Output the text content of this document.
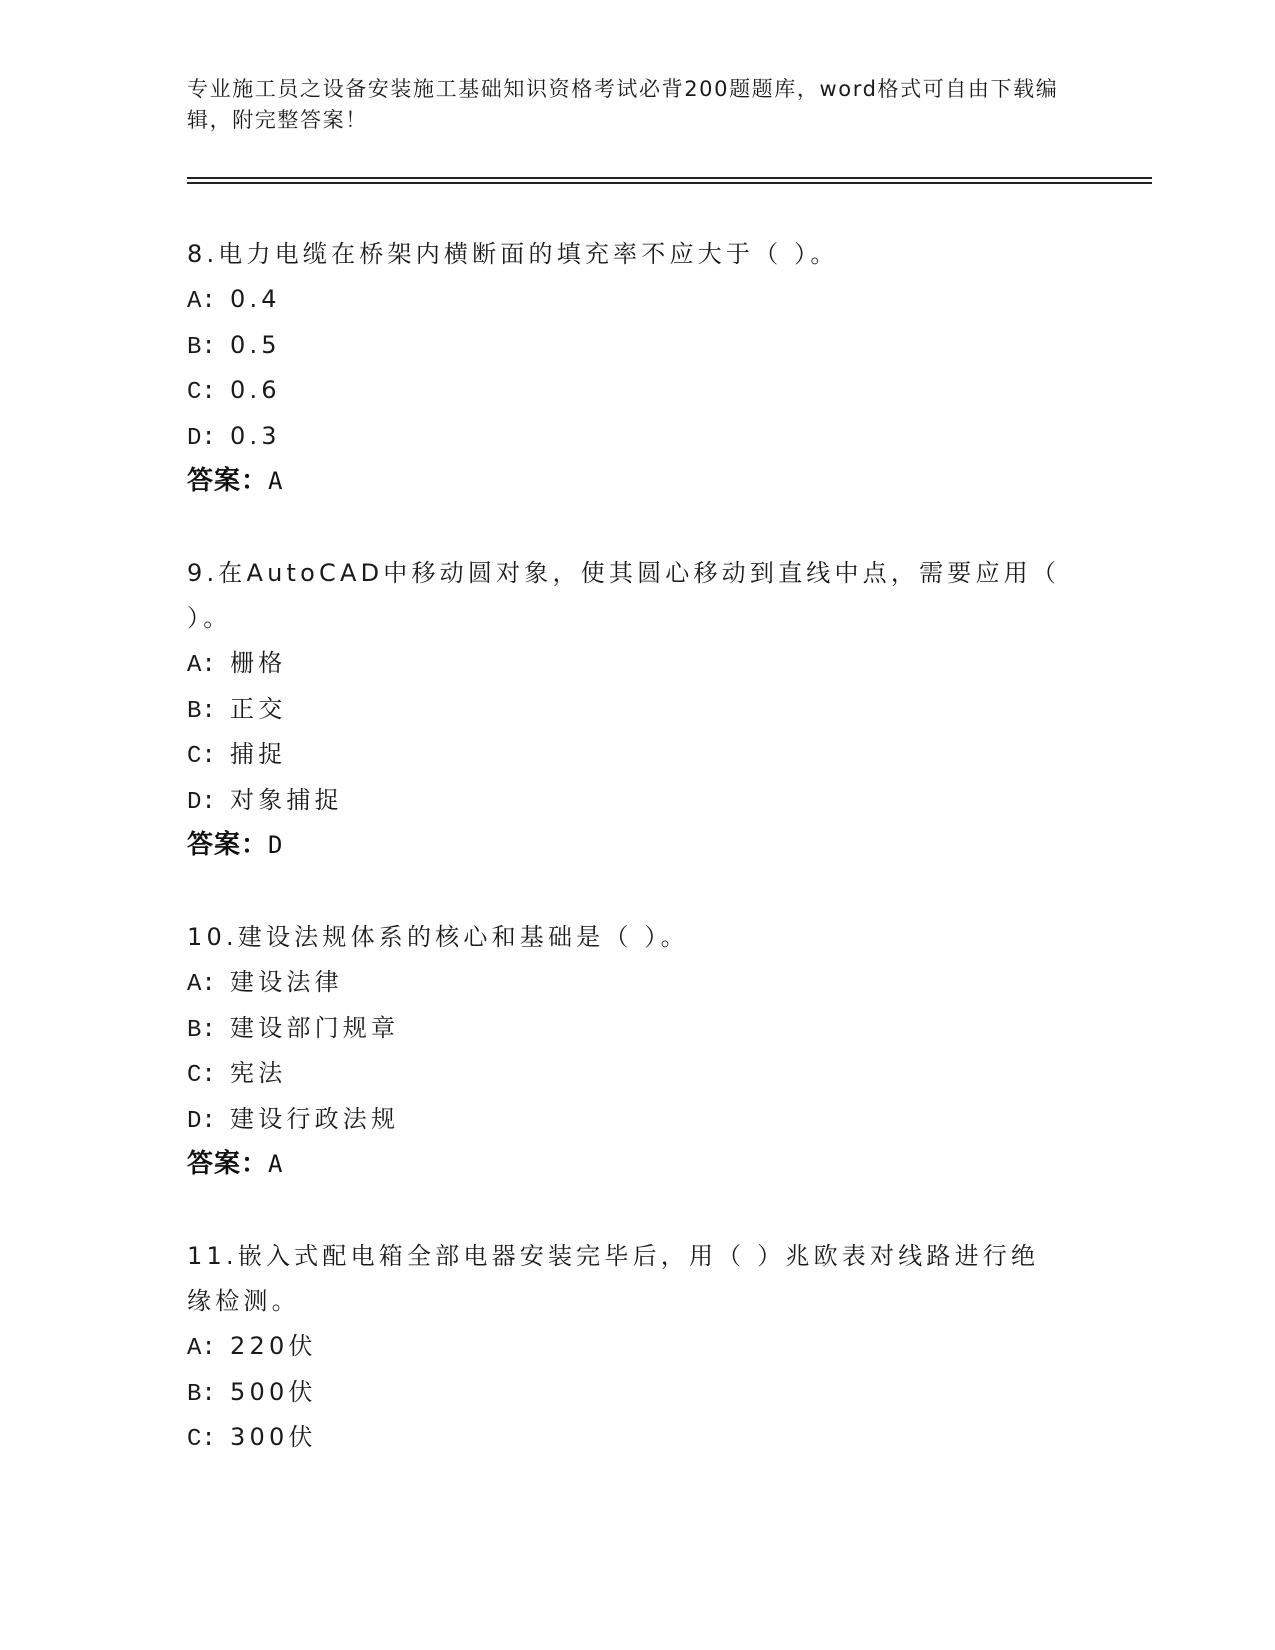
专业施工员之设备安装施工基础知识资格考试必背200题题库，word格式可自由下载编辑，附完整答案！
8.电力电缆在桥架内横断面的填充率不应大于（ ）。
A: 0.4
B: 0.5
C: 0.6
D: 0.3
答案：A
9.在AutoCAD中移动圆对象，使其圆心移动到直线中点，需要应用（ ）。
A: 栅格
B: 正交
C: 捕捉
D: 对象捕捉
答案：D
10.建设法规体系的核心和基础是（ ）。
A: 建设法律
B: 建设部门规章
C: 宪法
D: 建设行政法规
答案：A
11.嵌入式配电箱全部电器安装完毕后，用（ ）兆欧表对线路进行绝缘检测。
A: 220伏
B: 500伏
C: 300伏
